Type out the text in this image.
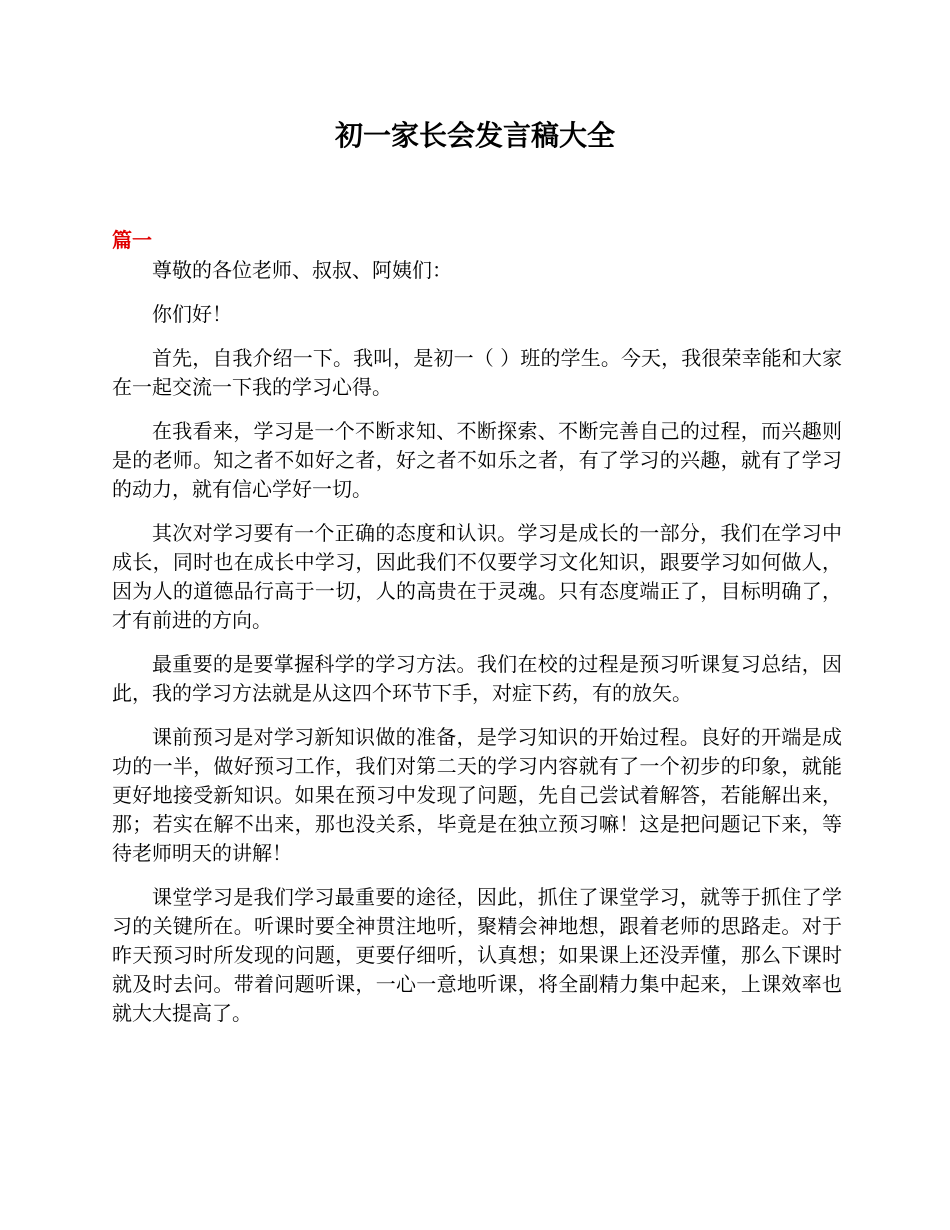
初一家长会发言稿大全
篇一

尊敬的各位老师、叔叔、阿姨们：

你们好！

首先，自我介绍一下。我叫，是初一（ ）班的学生。今天，我很荣幸能和大家在一起交流一下我的学习心得。

在我看来，学习是一个不断求知、不断探索、不断完善自己的过程，而兴趣则是的老师。知之者不如好之者，好之者不如乐之者，有了学习的兴趣，就有了学习的动力，就有信心学好一切。

其次对学习要有一个正确的态度和认识。学习是成长的一部分，我们在学习中成长，同时也在成长中学习，因此我们不仅要学习文化知识，跟要学习如何做人，因为人的道德品行高于一切，人的高贵在于灵魂。只有态度端正了，目标明确了，才有前进的方向。

最重要的是要掌握科学的学习方法。我们在校的过程是预习听课复习总结，因此，我的学习方法就是从这四个环节下手，对症下药，有的放矢。

课前预习是对学习新知识做的准备，是学习知识的开始过程。良好的开端是成功的一半，做好预习工作，我们对第二天的学习内容就有了一个初步的印象，就能更好地接受新知识。如果在预习中发现了问题，先自己尝试着解答，若能解出来，那；若实在解不出来，那也没关系，毕竟是在独立预习嘛！这是把问题记下来，等待老师明天的讲解！

课堂学习是我们学习最重要的途径，因此，抓住了课堂学习，就等于抓住了学习的关键所在。听课时要全神贯注地听，聚精会神地想，跟着老师的思路走。对于昨天预习时所发现的问题，更要仔细听，认真想；如果课上还没弄懂，那么下课时就及时去问。带着问题听课，一心一意地听课，将全副精力集中起来，上课效率也就大大提高了。
